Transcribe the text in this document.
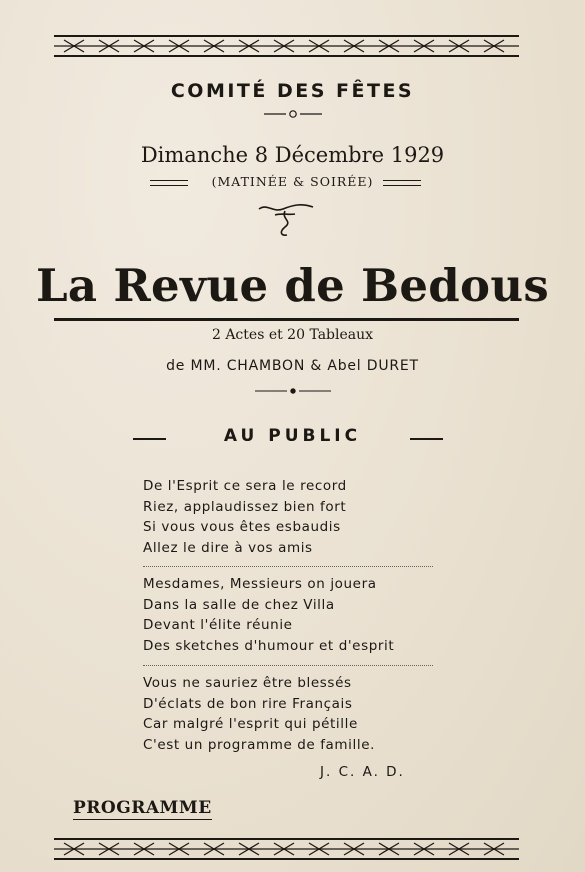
COMITÉ DES FÊTES
Dimanche 8 Décembre 1929
(MATINÉE & SOIRÉE)
La Revue de Bedous
2 Actes et 20 Tableaux
de MM. CHAMBON & Abel DURET
AU PUBLIC
De l'Esprit ce sera le record
Riez, applaudissez bien fort
Si vous vous êtes esbaudis
Allez le dire à vos amis
Mesdames, Messieurs on jouera
Dans la salle de chez Villa
Devant l'élite réunie
Des sketches d'humour et d'esprit
Vous ne sauriez être blessés
D'éclats de bon rire Français
Car malgré l'esprit qui pétille
C'est un programme de famille.
J. C. A. D.
PROGRAMME
